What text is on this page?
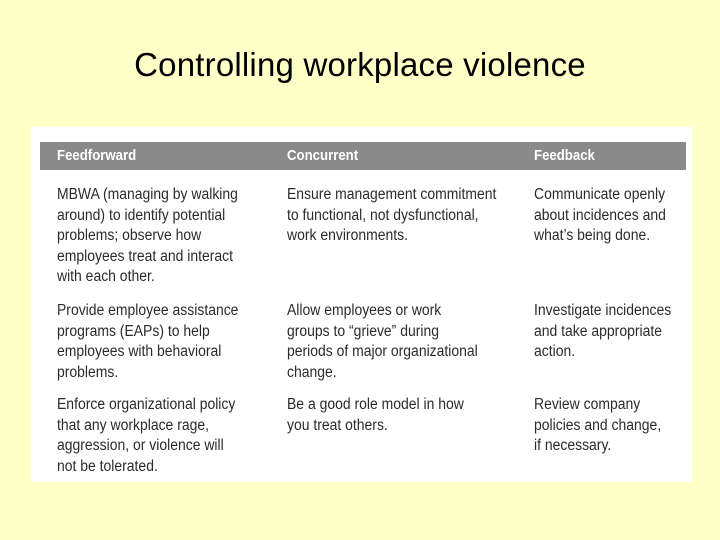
Controlling workplace violence
Feedforward	Concurrent	Feedback
MBWA (managing by walking
around) to identify potential
problems; observe how
employees treat and interact
with each other.
Ensure management commitment
to functional, not dysfunctional,
work environments.
Communicate openly
about incidences and
what’s being done.
Provide employee assistance
programs (EAPs) to help
employees with behavioral
problems.
Allow employees or work
groups to “grieve” during
periods of major organizational
change.
Investigate incidences
and take appropriate
action.
Enforce organizational policy
that any workplace rage,
aggression, or violence will
not be tolerated.
Be a good role model in how
you treat others.
Review company
policies and change,
if necessary.
